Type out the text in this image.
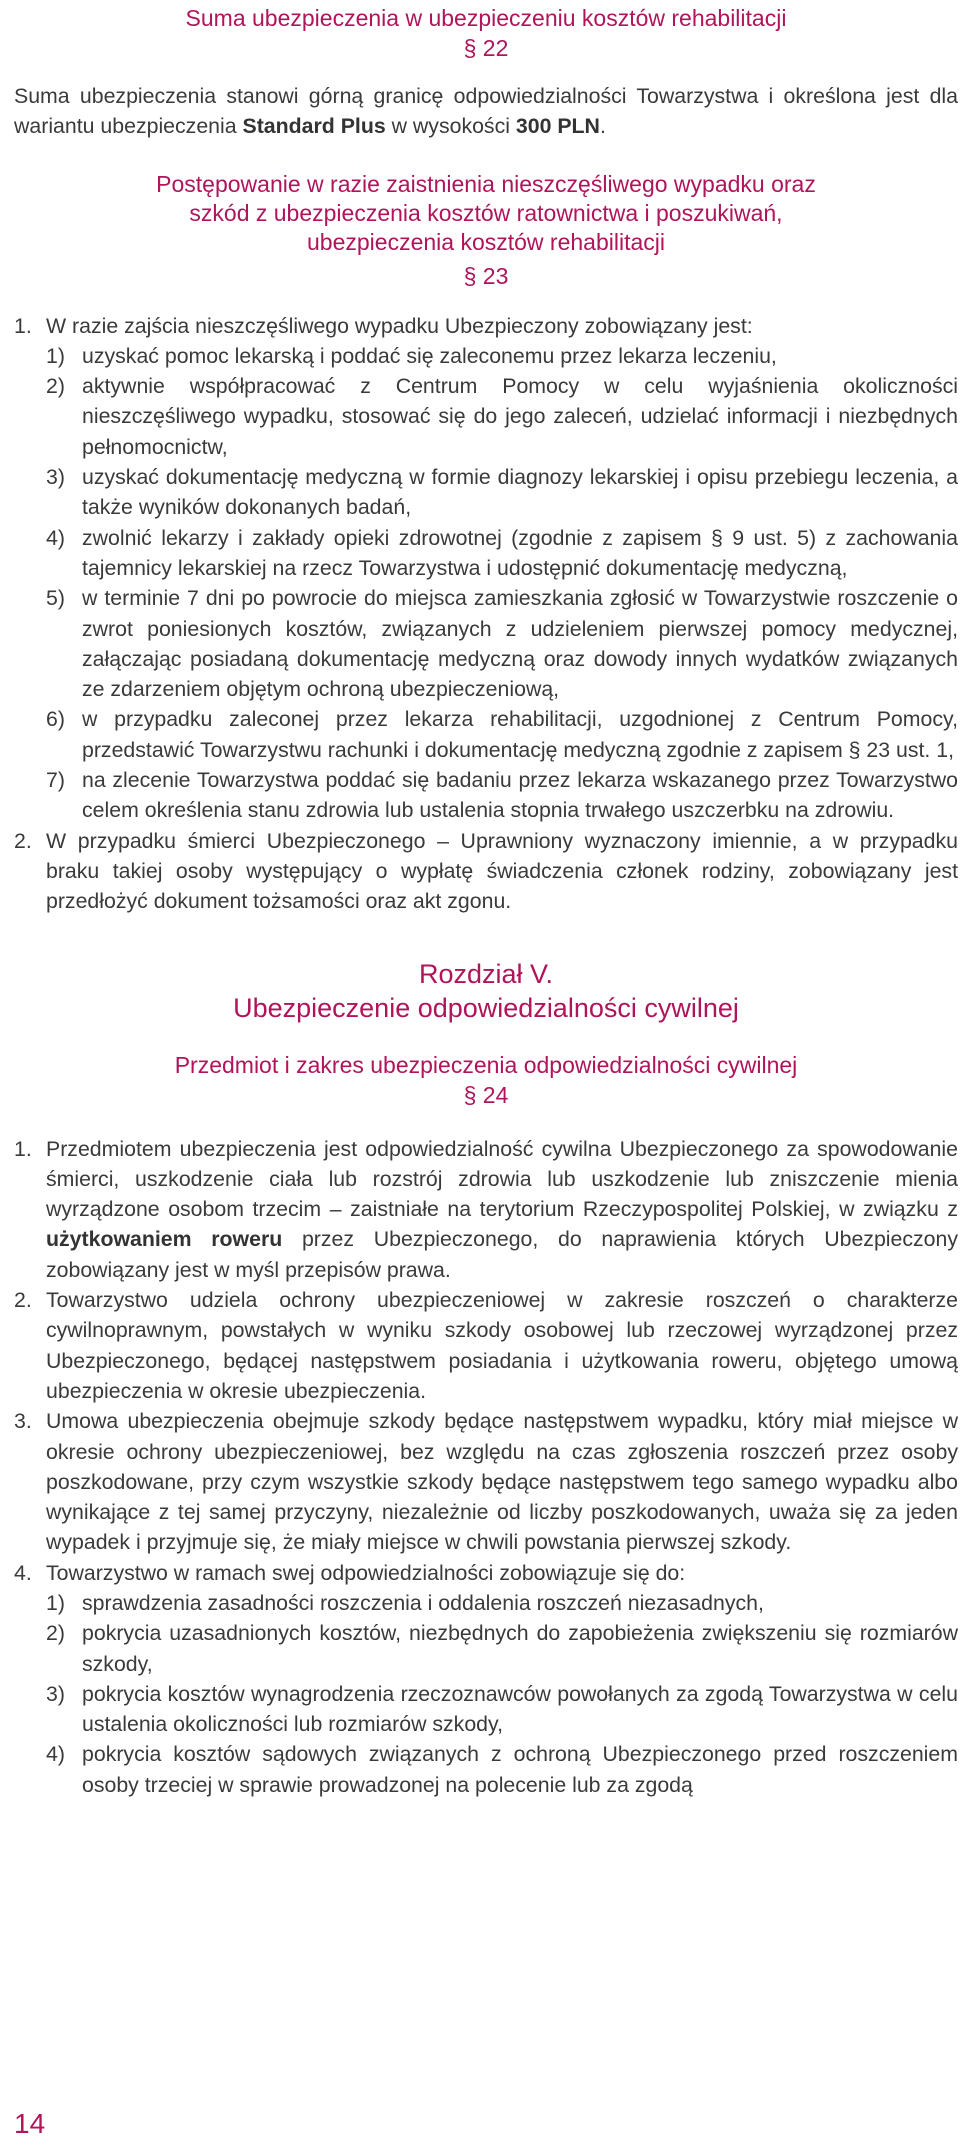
Suma ubezpieczenia w ubezpieczeniu kosztów rehabilitacji

§ 22

Suma ubezpieczenia stanowi górną granicę odpowiedzialności Towarzystwa i określona jest dla wariantu ubezpieczenia Standard Plus w wysokości 300 PLN.

Postępowanie w razie zaistnienia nieszczęśliwego wypadku oraz

szkód z ubezpieczenia kosztów ratownictwa i poszukiwań,

ubezpieczenia kosztów rehabilitacji

§ 23

1. W razie zajścia nieszczęśliwego wypadku Ubezpieczony zobowiązany jest:
1) uzyskać pomoc lekarską i poddać się zaleconemu przez lekarza leczeniu,
2) aktywnie współpracować z Centrum Pomocy w celu wyjaśnienia okoliczności nieszczęśliwego wypadku, stosować się do jego zaleceń, udzielać informacji i niezbędnych pełnomocnictw,
3) uzyskać dokumentację medyczną w formie diagnozy lekarskiej i opisu przebiegu leczenia, a także wyników dokonanych badań,
4) zwolnić lekarzy i zakłady opieki zdrowotnej (zgodnie z zapisem § 9 ust. 5) z zachowania tajemnicy lekarskiej na rzecz Towarzystwa i udostępnić dokumentację medyczną,
5) w terminie 7 dni po powrocie do miejsca zamieszkania zgłosić w Towarzystwie roszczenie o zwrot poniesionych kosztów, związanych z udzieleniem pierwszej pomocy medycznej, załączając posiadaną dokumentację medyczną oraz dowody innych wydatków związanych ze zdarzeniem objętym ochroną ubezpieczeniową,
6) w przypadku zaleconej przez lekarza rehabilitacji, uzgodnionej z Centrum Pomocy, przedstawić Towarzystwu rachunki i dokumentację medyczną zgodnie z zapisem § 23 ust. 1,
7) na zlecenie Towarzystwa poddać się badaniu przez lekarza wskazanego przez Towarzystwo celem określenia stanu zdrowia lub ustalenia stopnia trwałego uszczerbku na zdrowiu.
2. W przypadku śmierci Ubezpieczonego – Uprawniony wyznaczony imiennie, a w przypadku braku takiej osoby występujący o wypłatę świadczenia członek rodziny, zobowiązany jest przedłożyć dokument tożsamości oraz akt zgonu.

Rozdział V.

Ubezpieczenie odpowiedzialności cywilnej

Przedmiot i zakres ubezpieczenia odpowiedzialności cywilnej

§ 24

1. Przedmiotem ubezpieczenia jest odpowiedzialność cywilna Ubezpieczonego za spowodowanie śmierci, uszkodzenie ciała lub rozstrój zdrowia lub uszkodzenie lub zniszczenie mienia wyrządzone osobom trzecim – zaistniałe na terytorium Rzeczypospolitej Polskiej, w związku z użytkowaniem roweru przez Ubezpieczonego, do naprawienia których Ubezpieczony zobowiązany jest w myśl przepisów prawa.
2. Towarzystwo udziela ochrony ubezpieczeniowej w zakresie roszczeń o charakterze cywilnoprawnym, powstałych w wyniku szkody osobowej lub rzeczowej wyrządzonej przez Ubezpieczonego, będącej następstwem posiadania i użytkowania roweru, objętego umową ubezpieczenia w okresie ubezpieczenia.
3. Umowa ubezpieczenia obejmuje szkody będące następstwem wypadku, który miał miejsce w okresie ochrony ubezpieczeniowej, bez względu na czas zgłoszenia roszczeń przez osoby poszkodowane, przy czym wszystkie szkody będące następstwem tego samego wypadku albo wynikające z tej samej przyczyny, niezależnie od liczby poszkodowanych, uważa się za jeden wypadek i przyjmuje się, że miały miejsce w chwili powstania pierwszej szkody.
4. Towarzystwo w ramach swej odpowiedzialności zobowiązuje się do:
1) sprawdzenia zasadności roszczenia i oddalenia roszczeń niezasadnych,
2) pokrycia uzasadnionych kosztów, niezbędnych do zapobieżenia zwiększeniu się rozmiarów szkody,
3) pokrycia kosztów wynagrodzenia rzeczoznawców powołanych za zgodą Towarzystwa w celu ustalenia okoliczności lub rozmiarów szkody,
4) pokrycia kosztów sądowych związanych z ochroną Ubezpieczonego przed roszczeniem osoby trzeciej w sprawie prowadzonej na polecenie lub za zgodą
14
